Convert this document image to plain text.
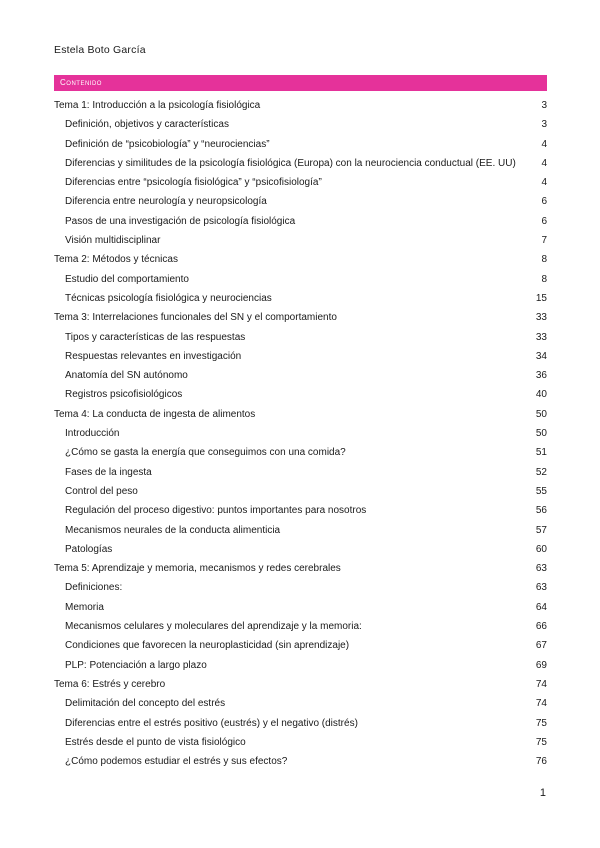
Estela Boto García
Contenido
Tema 1: Introducción a la psicología fisiológica	3
Definición, objetivos y características	3
Definición de “psicobiología” y “neurociencias”	4
Diferencias y similitudes de la psicología fisiológica (Europa) con la neurociencia conductual (EE. UU)	4
Diferencias entre “psicología fisiológica” y “psicofisiología”	4
Diferencia entre neurología y neuropsicología	6
Pasos de una investigación de psicología fisiológica	6
Visión multidisciplinar	7
Tema 2: Métodos y técnicas	8
Estudio del comportamiento	8
Técnicas psicología fisiológica y neurociencias	15
Tema 3: Interrelaciones funcionales del SN y el comportamiento	33
Tipos y características de las respuestas	33
Respuestas relevantes en investigación	34
Anatomía del SN autónomo	36
Registros psicofisiológicos	40
Tema 4: La conducta de ingesta de alimentos	50
Introducción	50
¿Cómo se gasta la energía que conseguimos con una comida?	51
Fases de la ingesta	52
Control del peso	55
Regulación del proceso digestivo: puntos importantes para nosotros	56
Mecanismos neurales de la conducta alimenticia	57
Patologías	60
Tema 5: Aprendizaje y memoria, mecanismos y redes cerebrales	63
Definiciones:	63
Memoria	64
Mecanismos celulares y moleculares del aprendizaje y la memoria:	66
Condiciones que favorecen la neuroplasticidad (sin aprendizaje)	67
PLP: Potenciación a largo plazo	69
Tema 6: Estrés y cerebro	74
Delimitación del concepto del estrés	74
Diferencias entre el estrés positivo (eustrés) y el negativo (distrés)	75
Estrés desde el punto de vista fisiológico	75
¿Cómo podemos estudiar el estrés y sus efectos?	76
1
